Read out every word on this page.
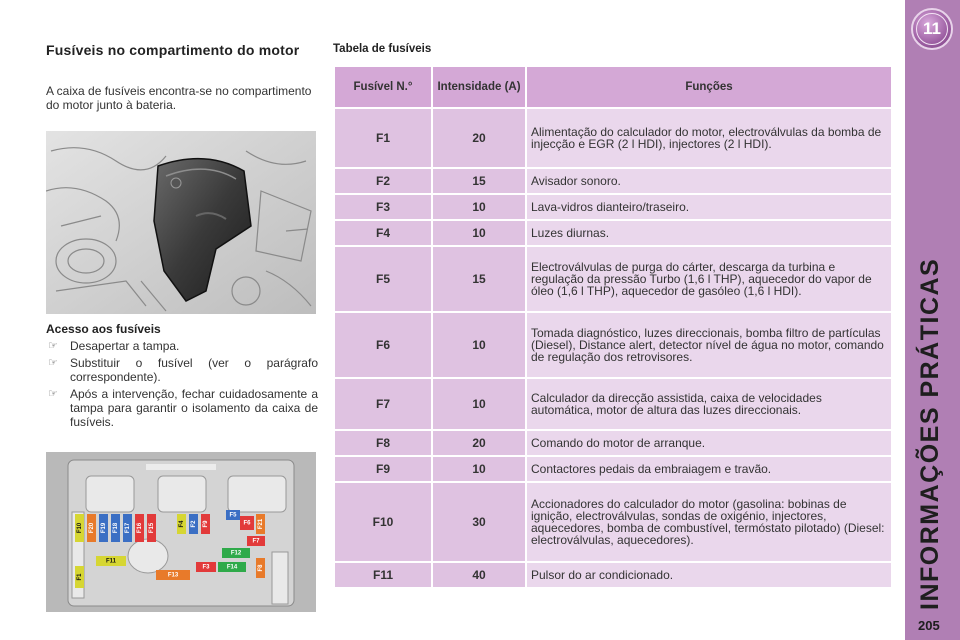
11
INFORMAÇÕES PRÁTICAS
205
Fusíveis no compartimento do motor
A caixa de fusíveis encontra-se no compartimento do motor junto à bateria.
Acesso aos fusíveis
☞ Desapertar a tampa.
☞ Substituir o fusível (ver o parágrafo correspondente).
☞ Após a intervenção, fechar cuidadosamente a tampa para garantir o isolamento da caixa de fusíveis.
F10 F20 F19 F18 F17 F16 F15	F4 F2 F9
F5
F6 F21
F7
F12
F11
F3	F14	F8
F1	F13
Tabela de fusíveis
Fusível N.°	Intensidade (A)	Funções
F1	20	Alimentação do calculador do motor, electroválvulas da bomba de injecção e EGR (2 l HDI), injectores (2 l HDI).
F2	15	Avisador sonoro.
F3	10	Lava-vidros dianteiro/traseiro.
F4	10	Luzes diurnas.
F5	15	Electroválvulas de purga do cárter, descarga da turbina e regulação da pressão Turbo (1,6 l THP), aquecedor do vapor de óleo (1,6 l THP), aquecedor de gasóleo (1,6 l HDI).
F6	10	Tomada diagnóstico, luzes direccionais, bomba filtro de partículas (Diesel), Distance alert, detector nível de água no motor, comando de regulação dos retrovisores.
F7	10	Calculador da direcção assistida, caixa de velocidades automática, motor de altura das luzes direccionais.
F8	20	Comando do motor de arranque.
F9	10	Contactores pedais da embraiagem e travão.
F10	30	Accionadores do calculador do motor (gasolina: bobinas de ignição, electroválvulas, sondas de oxigénio, injectores, aquecedores, bomba de combustível, termóstato pilotado) (Diesel: electroválvulas, aquecedores).
F11	40	Pulsor do ar condicionado.
